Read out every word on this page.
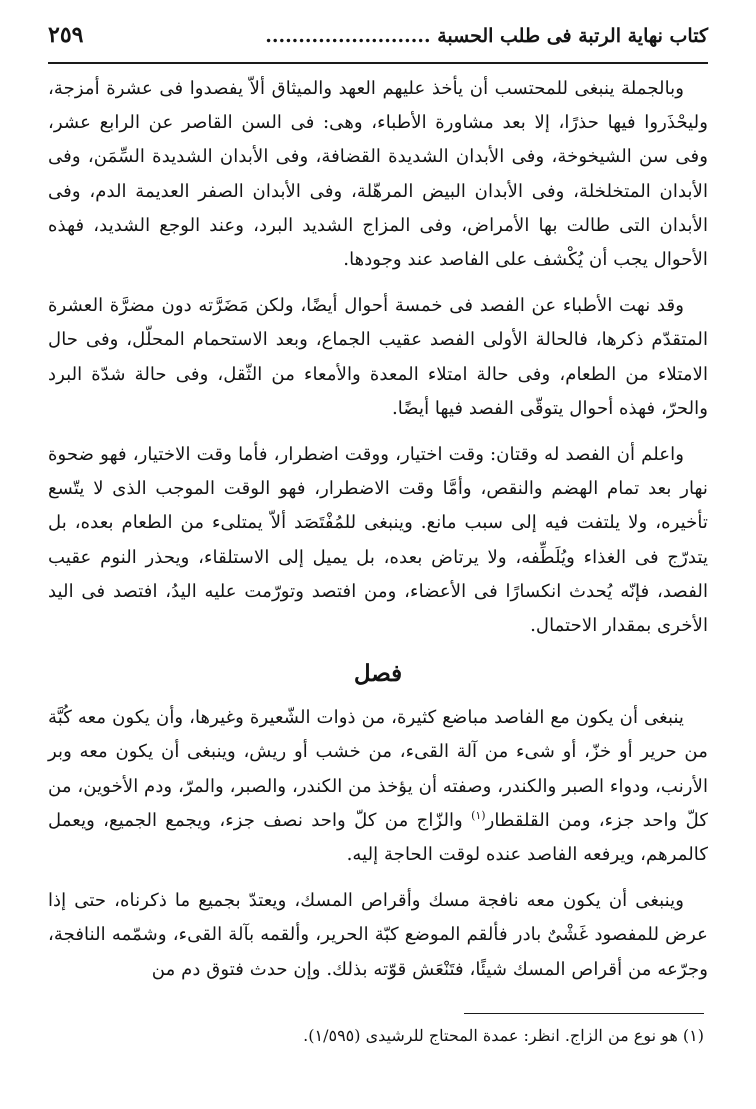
كتاب نهاية الرتبة فى طلب الحسبة .........................
٢٥٩

وبالجملة ينبغى للمحتسب أن يأخذ عليهم العهد والميثاق ألاّ يفصدوا فى عشرة أمزجة، وليحْذَروا فيها حذرًا، إلا بعد مشاورة الأطباء، وهى: فى السن القاصر عن الرابع عشر، وفى سن الشيخوخة، وفى الأبدان الشديدة القضافة، وفى الأبدان الشديدة السِّمَن، وفى الأبدان المتخلخلة، وفى الأبدان البيض المرهّلة، وفى الأبدان الصفر العديمة الدم، وفى الأبدان التى طالت بها الأمراض، وفى المزاج الشديد البرد، وعند الوجع الشديد، فهذه الأحوال يجب أن يُكْشف على الفاصد عند وجودها.

وقد نهت الأطباء عن الفصد فى خمسة أحوال أيضًا، ولكن مَضَرَّته دون مضرَّة العشرة المتقدّم ذكرها، فالحالة الأولى الفصد عقيب الجماع، وبعد الاستحمام المحلّل، وفى حال الامتلاء من الطعام، وفى حالة امتلاء المعدة والأمعاء من الثّقل، وفى حالة شدّة البرد والحرّ، فهذه أحوال يتوقّى الفصد فيها أيضًا.

واعلم أن الفصد له وقتان: وقت اختيار، ووقت اضطرار، فأما وقت الاختيار، فهو ضحوة نهار بعد تمام الهضم والنقص، وأمَّا وقت الاضطرار، فهو الوقت الموجب الذى لا يتّسع تأخيره، ولا يلتفت فيه إلى سبب مانع. وينبغى للمُفْتَصَد ألاّ يمتلىء من الطعام بعده، بل يتدرّج فى الغذاء ويُلَطِّفه، ولا يرتاض بعده، بل يميل إلى الاستلقاء، ويحذر النوم عقيب الفصد، فإنّه يُحدث انكسارًا فى الأعضاء، ومن افتصد وتورّمت عليه اليدُ، افتصد فى اليد الأخرى بمقدار الاحتمال.

فصل

ينبغى أن يكون مع الفاصد مباضع كثيرة، من ذوات الشّعيرة وغيرها، وأن يكون معه كُبَّة من حرير أو خزّ، أو شىء من آلة القىء، من خشب أو ريش، وينبغى أن يكون معه وبر الأرنب، ودواء الصبر والكندر، وصفته أن يؤخذ من الكندر، والصبر، والمرّ، ودم الأخوين، من كلّ واحد جزء، ومن القلقطار$^{(١)}$ والزّاج من كلّ واحد نصف جزء، ويجمع الجميع، ويعمل كالمرهم، ويرفعه الفاصد عنده لوقت الحاجة إليه.

وينبغى أن يكون معه نافجة مسك وأقراص المسك، ويعتدّ بجميع ما ذكرناه، حتى إذا عرض للمفصود غَشْىٌ بادر فألقم الموضع كبّة الحرير، وألقمه بآلة القىء، وشمّمه النافجة، وجرّعه من أقراص المسك شيئًا، فتَنْعَش قوّته بذلك. وإن حدث فتوق دم من

(١) هو نوع من الزاج. انظر: عمدة المحتاج للرشيدى (١/٥٩٥).
